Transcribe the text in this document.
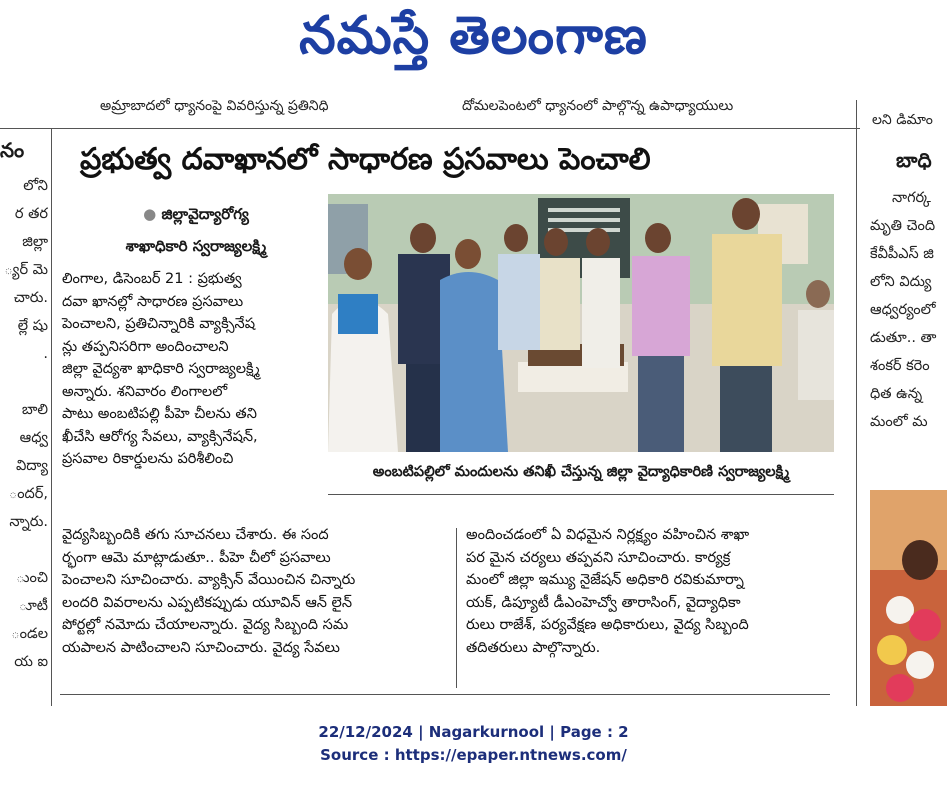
నమస్తే తెలంగాణ
అమ్రాబాదలో ధ్యానంపై వివరిస్తున్న ప్రతినిధి	దోమలపెంటలో ధ్యానంలో పాల్గొన్న ఉపాధ్యాయులు
లని డిమాం
నం
లోని
ర తర
జిల్లా
్యర్ మె
చారు.
ల్లే షు
.

బాలి
ఆధ్వ
విద్యా
ందర్,
న్నారు.

ుంచి
ూటీ
ండల
య ఐ
ప్రభుత్వ దవాఖానలో సాధారణ ప్రసవాలు పెంచాలి
● జిల్లావైద్యారోగ్య
శాఖాధికారి స్వరాజ్యలక్ష్మి

లింగాల, డిసెంబర్ 21 : ప్రభుత్వ

దవా ఖానల్లో సాధారణ ప్రసవాలు

పెంచాలని, ప్రతిచిన్నారికి వ్యాక్సినేష

న్లు తప్పనిసరిగా అందించాలని

జిల్లా వైద్యశా ఖాధికారి స్వరాజ్యలక్ష్మి

అన్నారు. శనివారం లింగాలలో

పాటు అంబటిపల్లి పీహె చీలను తని

ఖీచేసి ఆరోగ్య సేవలు, వ్యాక్సినేషన్,

ప్రసవాల రికార్డులను పరిశీలించి

వైద్యసిబ్బందికి తగు సూచనలు చేశారు. ఈ సంద

ర్భంగా ఆమె మాట్లాడుతూ.. పీహె చీలో ప్రసవాలు

పెంచాలని సూచించారు. వ్యాక్సిన్ వేయించిన చిన్నారు

లందరి వివరాలను ఎప్పటికప్పుడు యూవిన్ ఆన్ లైన్

పోర్టల్లో నమోదు చేయాలన్నారు. వైద్య సిబ్బంది సమ

యపాలన పాటించాలని సూచించారు. వైద్య సేవలు

అందించడంలో ఏ విధమైన నిర్లక్ష్యం వహించిన శాఖా

పర మైన చర్యలు తప్పవని సూచించారు. కార్యక్ర

మంలో జిల్లా ఇమ్యు నైజేషన్ అధికారి రవికుమార్నా

యక్, డిప్యూటీ డీఎంహెచ్వో తారాసింగ్, వైద్యాధికా

రులు రాజేశ్, పర్యవేక్షణ అధికారులు, వైద్య సిబ్బంది

తదితరులు పాల్గొన్నారు.

అంబటిపల్లిలో మందులను తనిఖీ చేస్తున్న జిల్లా వైద్యాధికారిణి స్వరాజ్యలక్ష్మి
బాధి
నాగర్క
మృతి చెంది
కేవీపీఎస్ జి
లోని విద్యు
ఆధ్వర్యంలో
డుతూ.. తా
శంకర్ కరెం
ధిత ఉన్న
మంలో మ
22/12/2024 | Nagarkurnool | Page : 2
Source : https://epaper.ntnews.com/
